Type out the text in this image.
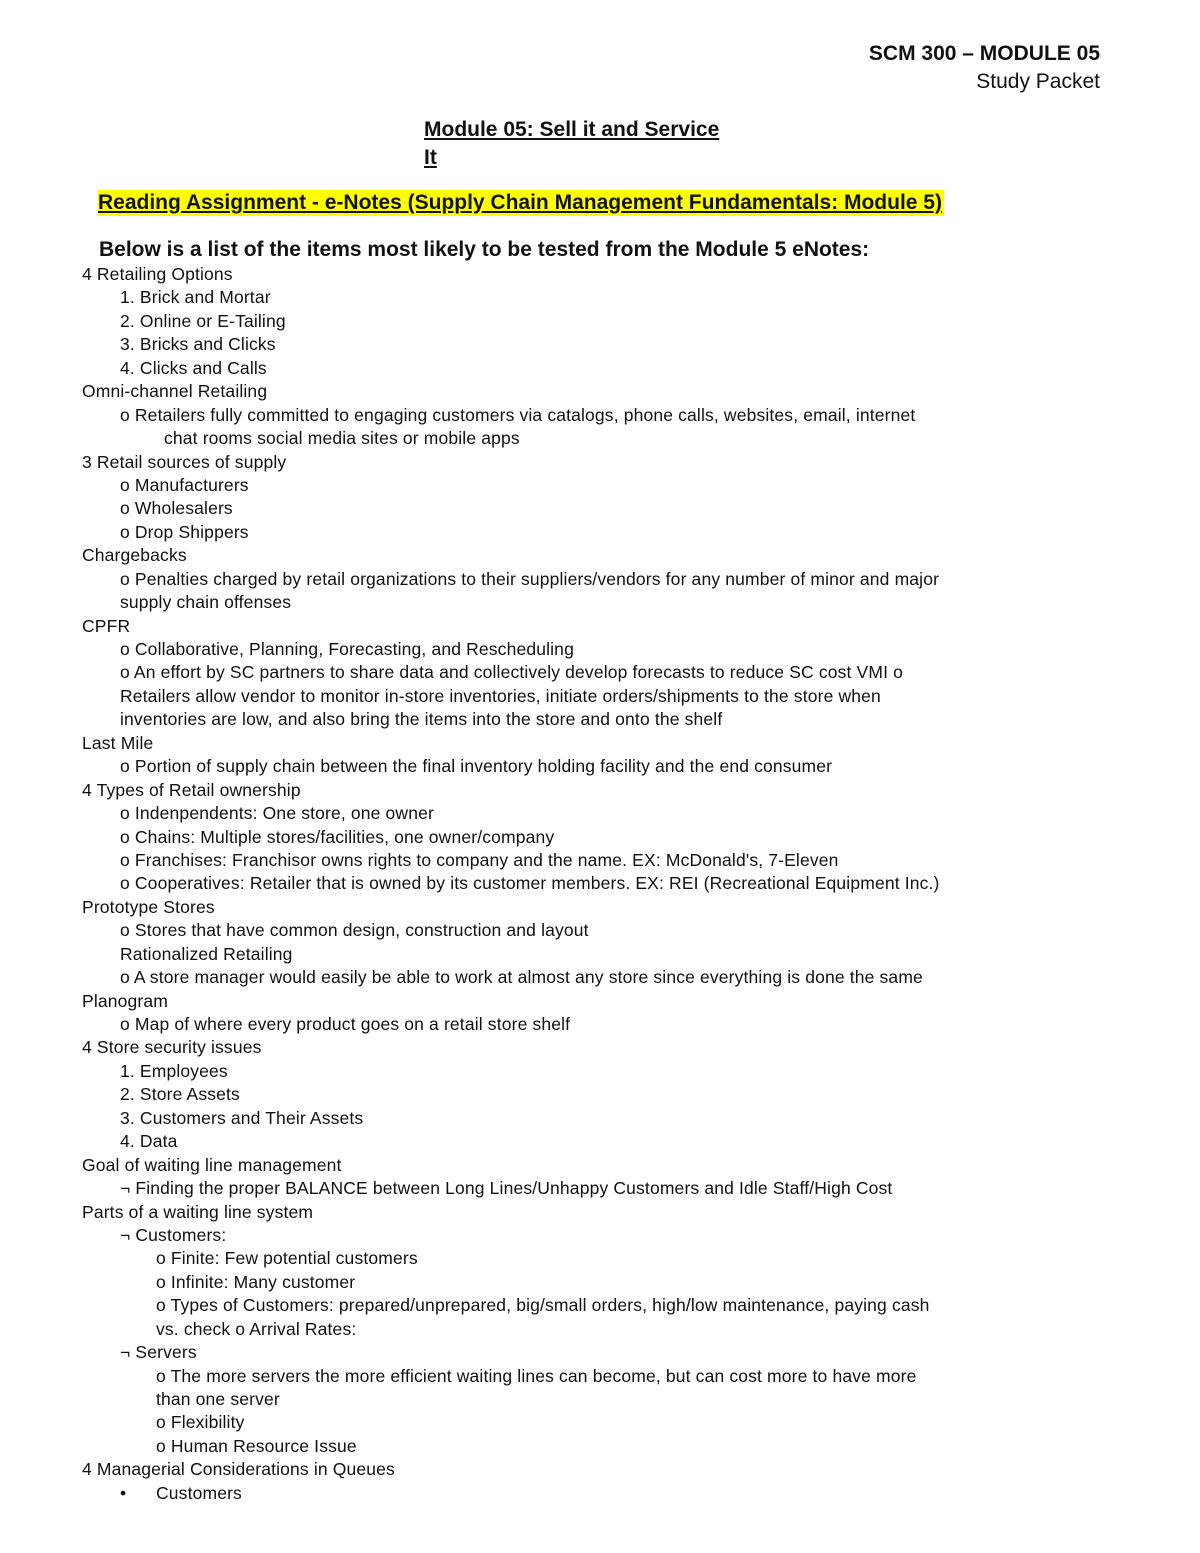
SCM 300 – MODULE 05
Study Packet
Module 05: Sell it and Service
It
Reading Assignment - e-Notes (Supply Chain Management Fundamentals: Module 5)
Below is a list of the items most likely to be tested from the Module 5 eNotes:
4 Retailing Options
1. Brick and Mortar
2. Online or E-Tailing
3. Bricks and Clicks
4. Clicks and Calls
Omni-channel Retailing
o Retailers fully committed to engaging customers via catalogs, phone calls, websites, email, internet
chat rooms social media sites or mobile apps
3 Retail sources of supply
o Manufacturers
o Wholesalers
o Drop Shippers
Chargebacks
o Penalties charged by retail organizations to their suppliers/vendors for any number of minor and major
supply chain offenses
CPFR
o Collaborative, Planning, Forecasting, and Rescheduling
o An effort by SC partners to share data and collectively develop forecasts to reduce SC cost VMI o
Retailers allow vendor to monitor in-store inventories, initiate orders/shipments to the store when
inventories are low, and also bring the items into the store and onto the shelf
Last Mile
o Portion of supply chain between the final inventory holding facility and the end consumer
4 Types of Retail ownership
o Indenpendents: One store, one owner
o Chains: Multiple stores/facilities, one owner/company
o Franchises: Franchisor owns rights to company and the name. EX: McDonald's, 7-Eleven
o Cooperatives: Retailer that is owned by its customer members. EX: REI (Recreational Equipment Inc.)
Prototype Stores
o Stores that have common design, construction and layout
Rationalized Retailing
o A store manager would easily be able to work at almost any store since everything is done the same
Planogram
o Map of where every product goes on a retail store shelf
4 Store security issues
1. Employees
2. Store Assets
3. Customers and Their Assets
4. Data
Goal of waiting line management
¬ Finding the proper BALANCE between Long Lines/Unhappy Customers and Idle Staff/High Cost
Parts of a waiting line system
¬ Customers:
o Finite: Few potential customers
o Infinite: Many customer
o Types of Customers: prepared/unprepared, big/small orders, high/low maintenance, paying cash
vs. check o Arrival Rates:
¬ Servers
o The more servers the more efficient waiting lines can become, but can cost more to have more
than one server
o Flexibility
o Human Resource Issue
4 Managerial Considerations in Queues
• Customers
